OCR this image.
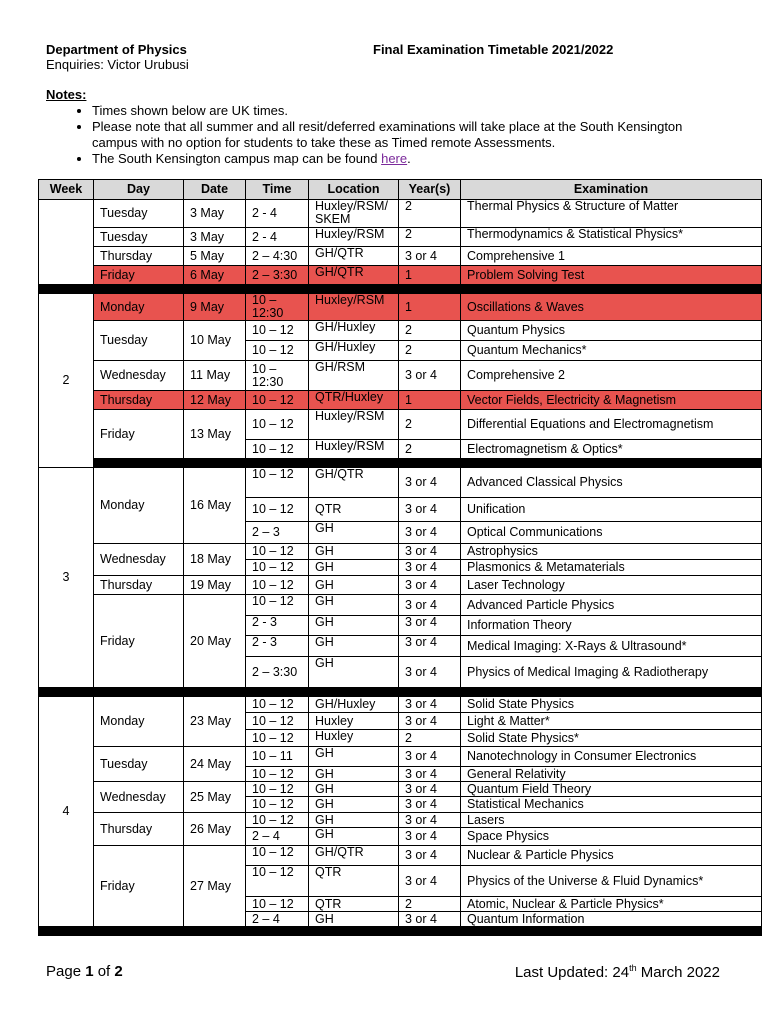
Department of Physics
Enquiries: Victor Urubusi
Final Examination Timetable 2021/2022
Notes:
• Times shown below are UK times.
• Please note that all summer and all resit/deferred examinations will take place at the South Kensington campus with no option for students to take these as Timed remote Assessments.
• The South Kensington campus map can be found here.
Week	Day	Date	Time	Location	Year(s)	Examination
	Tuesday	3 May	2 - 4	Huxley/RSM/ SKEM	2	Thermal Physics & Structure of Matter
	Tuesday	3 May	2 - 4	Huxley/RSM	2	Thermodynamics & Statistical Physics*
	Thursday	5 May	2 – 4:30	GH/QTR	3 or 4	Comprehensive 1
	Friday	6 May	2 – 3:30	GH/QTR	1	Problem Solving Test

2	Monday	9 May	10 – 12:30	Huxley/RSM	1	Oscillations & Waves
	Tuesday	10 May	10 – 12	GH/Huxley	2	Quantum Physics
			10 – 12	GH/Huxley	2	Quantum Mechanics*
	Wednesday	11 May	10 – 12:30	GH/RSM	3 or 4	Comprehensive 2
	Thursday	12 May	10 – 12	QTR/Huxley	1	Vector Fields, Electricity & Magnetism
	Friday	13 May	10 – 12	Huxley/RSM	2	Differential Equations and Electromagnetism
			10 – 12	Huxley/RSM	2	Electromagnetism & Optics*

3	Monday	16 May	10 – 12	GH/QTR	3 or 4	Advanced Classical Physics
			10 – 12	QTR	3 or 4	Unification
			2 – 3	GH	3 or 4	Optical Communications
	Wednesday	18 May	10 – 12	GH	3 or 4	Astrophysics
			10 – 12	GH	3 or 4	Plasmonics & Metamaterials
	Thursday	19 May	10 – 12	GH	3 or 4	Laser Technology
	Friday	20 May	10 – 12	GH	3 or 4	Advanced Particle Physics
			2 - 3	GH	3 or 4	Information Theory
			2 - 3	GH	3 or 4	Medical Imaging: X-Rays & Ultrasound*
			2 – 3:30	GH	3 or 4	Physics of Medical Imaging & Radiotherapy

4	Monday	23 May	10 – 12	GH/Huxley	3 or 4	Solid State Physics
			10 – 12	Huxley	3 or 4	Light & Matter*
			10 – 12	Huxley	2	Solid State Physics*
	Tuesday	24 May	10 – 11	GH	3 or 4	Nanotechnology in Consumer Electronics
			10 – 12	GH	3 or 4	General Relativity
	Wednesday	25 May	10 – 12	GH	3 or 4	Quantum Field Theory
			10 – 12	GH	3 or 4	Statistical Mechanics
	Thursday	26 May	10 – 12	GH	3 or 4	Lasers
			2 – 4	GH	3 or 4	Space Physics
	Friday	27 May	10 – 12	GH/QTR	3 or 4	Nuclear & Particle Physics
			10 – 12	QTR	3 or 4	Physics of the Universe & Fluid Dynamics*
			10 – 12	QTR	2	Atomic, Nuclear & Particle Physics*
			2 – 4	GH	3 or 4	Quantum Information

Page 1 of 2	Last Updated: 24th March 2022
